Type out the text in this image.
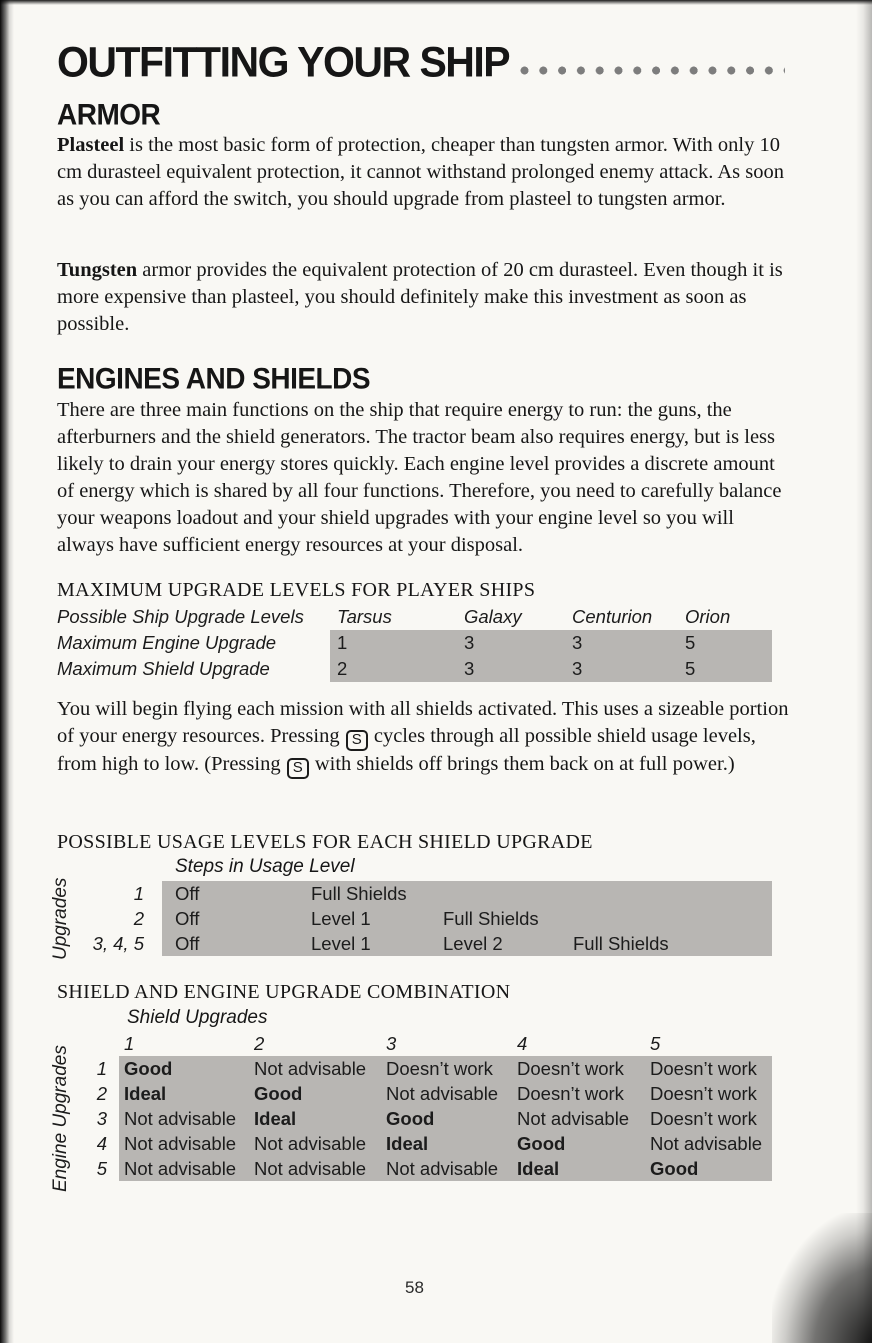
OUTFITTING YOUR SHIP
ARMOR

Plasteel is the most basic form of protection, cheaper than tungsten armor. With only 10 cm durasteel equivalent protection, it cannot withstand prolonged enemy attack. As soon as you can afford the switch, you should upgrade from plasteel to tungsten armor.

Tungsten armor provides the equivalent protection of 20 cm durasteel. Even though it is more expensive than plasteel, you should definitely make this investment as soon as possible.

ENGINES AND SHIELDS

There are three main functions on the ship that require energy to run: the guns, the afterburners and the shield generators. The tractor beam also requires energy, but is less likely to drain your energy stores quickly. Each engine level provides a discrete amount of energy which is shared by all four functions. Therefore, you need to carefully balance your weapons loadout and your shield upgrades with your engine level so you will always have sufficient energy resources at your disposal.

MAXIMUM UPGRADE LEVELS FOR PLAYER SHIPS
Possible Ship Upgrade Levels	Tarsus	Galaxy	Centurion	Orion
Maximum Engine Upgrade	1	3	3	5
Maximum Shield Upgrade	2	3	3	5

You will begin flying each mission with all shields activated. This uses a sizeable portion of your energy resources. Pressing S cycles through all possible shield usage levels, from high to low. (Pressing S with shields off brings them back on at full power.)

POSSIBLE USAGE LEVELS FOR EACH SHIELD UPGRADE
Steps in Usage Level
Upgrades	1	Off	Full Shields
2	Off	Level 1	Full Shields
3, 4, 5	Off	Level 1	Level 2	Full Shields
SHIELD AND ENGINE UPGRADE COMBINATION
Shield Upgrades
1	2	3	4	5
Engine Upgrades	1 Good	Not advisable	Doesn’t work	Doesn’t work	Doesn’t work
2 Ideal	Good	Not advisable	Doesn’t work	Doesn’t work
3 Not advisable Ideal	Good	Not advisable	Doesn’t work
4 Not advisable Not advisable	Ideal	Good	Not advisable
5 Not advisable Not advisable	Not advisable	Ideal	Good
58
